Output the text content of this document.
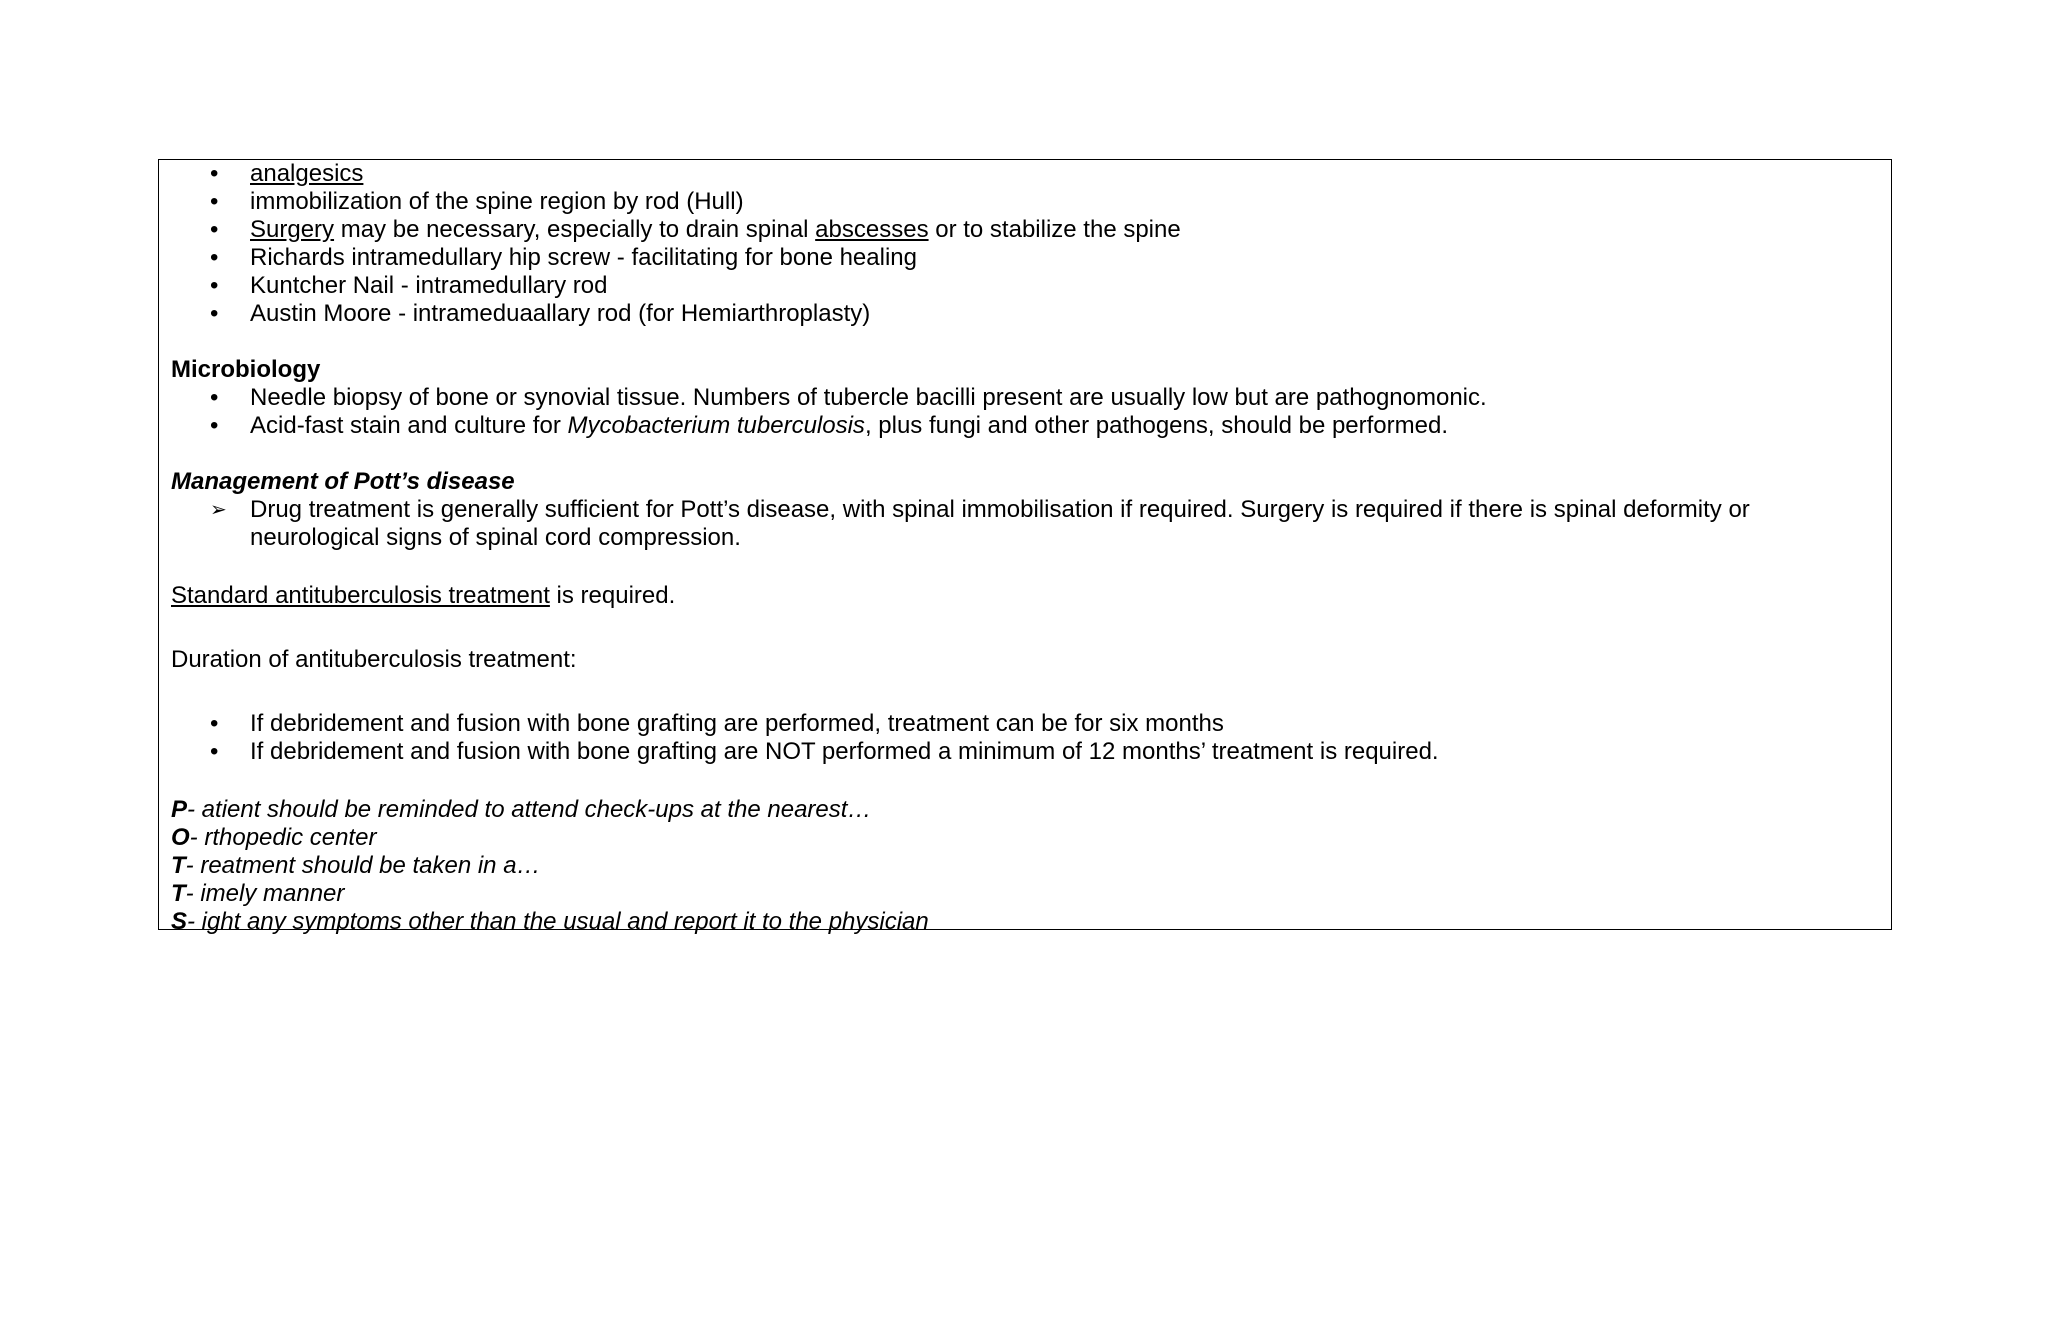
• analgesics
• immobilization of the spine region by rod (Hull)
• Surgery may be necessary, especially to drain spinal abscesses or to stabilize the spine
• Richards intramedullary hip screw - facilitating for bone healing
• Kuntcher Nail - intramedullary rod
• Austin Moore - intrameduaallary rod (for Hemiarthroplasty)
Microbiology
• Needle biopsy of bone or synovial tissue. Numbers of tubercle bacilli present are usually low but are pathognomonic.
• Acid-fast stain and culture for Mycobacterium tuberculosis, plus fungi and other pathogens, should be performed.
Management of Pott’s disease
➢ Drug treatment is generally sufficient for Pott’s disease, with spinal immobilisation if required. Surgery is required if there is spinal deformity or
neurological signs of spinal cord compression.
Standard antituberculosis treatment is required.
Duration of antituberculosis treatment:
• If debridement and fusion with bone grafting are performed, treatment can be for six months
• If debridement and fusion with bone grafting are NOT performed a minimum of 12 months’ treatment is required.
P- atient should be reminded to attend check-ups at the nearest…
O- rthopedic center
T- reatment should be taken in a…
T- imely manner
S- ight any symptoms other than the usual and report it to the physician
